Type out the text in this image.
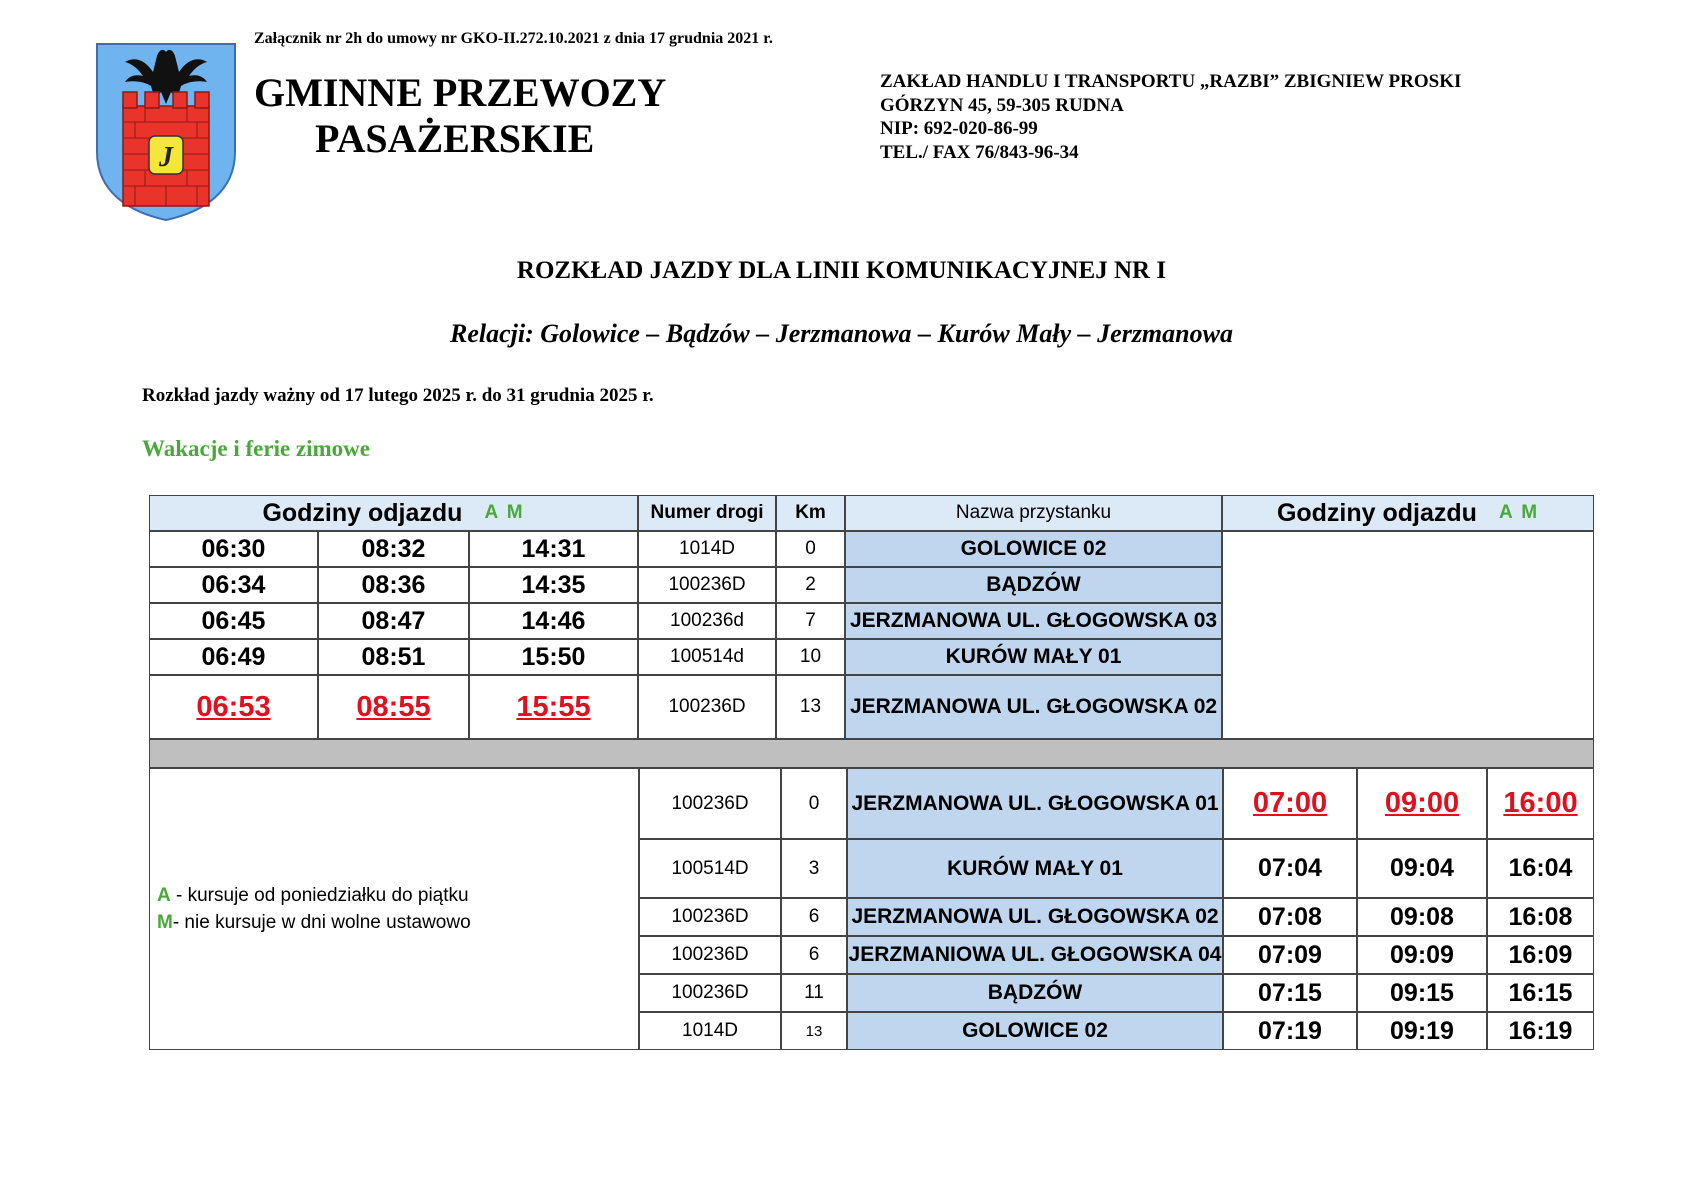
Załącznik nr 2h do umowy nr GKO-II.272.10.2021 z dnia 17 grudnia 2021 r.
J
GMINNE PRZEWOZY
PASAŻERSKIE
ZAKŁAD HANDLU I TRANSPORTU „RAZBI” ZBIGNIEW PROSKI
GÓRZYN 45, 59-305 RUDNA
NIP: 692-020-86-99
TEL./ FAX 76/843-96-34
ROZKŁAD JAZDY DLA LINII KOMUNIKACYJNEJ NR I
Relacji: Golowice – Bądzów – Jerzmanowa – Kurów Mały – Jerzmanowa
Rozkład jazdy ważny od 17 lutego 2025 r. do 31 grudnia 2025 r.
Wakacje i ferie zimowe
Godziny odjazdu A M	Numer drogi	Km	Nazwa przystanku	Godziny odjazdu A M
06:30	08:32	14:31	1014D	0	GOLOWICE 02
06:34	08:36	14:35	100236D	2	BĄDZÓW
06:45	08:47	14:46	100236d	7	JERZMANOWA UL. GŁOGOWSKA 03
06:49	08:51	15:50	100514d	10	KURÓW MAŁY 01
06:53	08:55	15:55	100236D	13	JERZMANOWA UL. GŁOGOWSKA 02
A - kursuje od poniedziałku do piątku
M- nie kursuje w dni wolne ustawowo
100236D	0	JERZMANOWA UL. GŁOGOWSKA 01	07:00	09:00	16:00
100514D	3	KURÓW MAŁY 01	07:04	09:04	16:04
100236D	6	JERZMANOWA UL. GŁOGOWSKA 02	07:08	09:08	16:08
100236D	6	JERZMANIOWA UL. GŁOGOWSKA 04	07:09	09:09	16:09
100236D	11	BĄDZÓW	07:15	09:15	16:15
1014D	13	GOLOWICE 02	07:19	09:19	16:19
